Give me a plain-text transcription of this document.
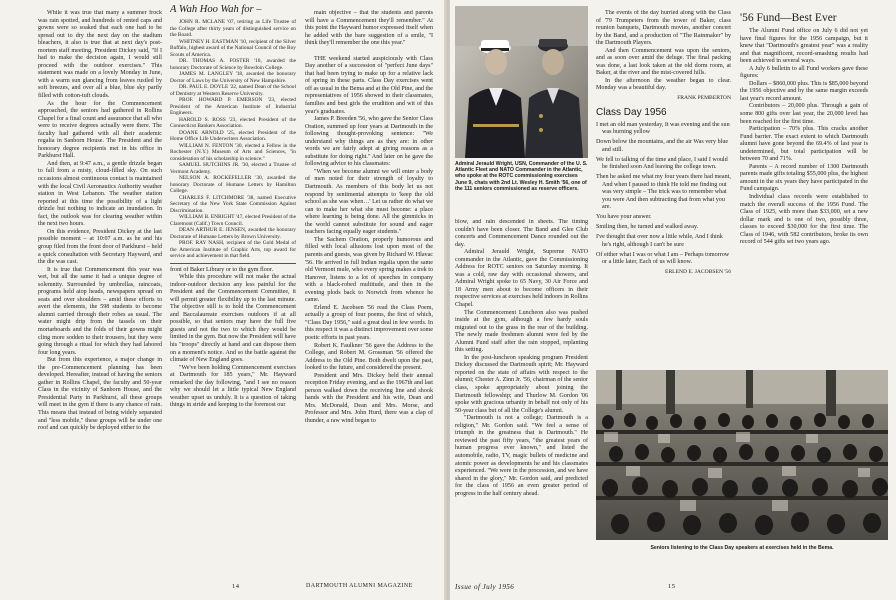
While it was true that many a summer frock was rain spotted, and hundreds of rented caps and gowns were so soaked that each one had to be spread out to dry the next day on the stadium bleachers, it also is true that at next day's post-mortem staff meeting, President Dickey said, "If I had to make the decision again, I would still proceed with the outdoor exercises." This statement was made on a lovely Monday in June, with a warm sun glancing from leaves rustled by soft breezes, and over all a blue, blue sky partly filled with cotton-tuft clouds.

As the hour for the Commencement approached, the seniors had gathered in Rollins Chapel for a final count and assurance that all who were to receive degrees actually were there. The faculty had gathered with all their academic regalia in Sanborn House. The President and the honorary degree recipients met in his office in Parkhurst Hall.

And then, at 9:47 a.m., a gentle drizzle began to fall from a misty, cloud-filled sky. On such occasions almost continuous contact is maintained with the local Civil Aeronautics Authority weather station in West Lebanon. The weather station reported at this time the possibility of a light drizzle but nothing to indicate an inundation. In fact, the outlook was for clearing weather within the next two hours.

On this evidence, President Dickey at the last possible moment – at 10:07 a.m. as he and his group filed from the front door of Parkhurst – held a quick consultation with Secretary Hayward, and the die was cast.

It is true that Commencement this year was wet, but all the same it had a unique degree of solemnity. Surrounded by umbrellas, raincoats, programs held atop heads, newspapers spread on seats and over shoulders – amid these efforts to avert the elements, the 598 students to become alumni carried through their robes as usual. The water might drip from the tassels on their mortarboards and the folds of their gowns might cling more sodden to their trousers, but they were going through a ritual for which they had labored four long years.

But from this experience, a major change in the pre-Commencement planning has been developed. Hereafter, instead of having the seniors gather in Rollins Chapel, the faculty and 50-year Class in the vicinity of Sanborn House, and the Presidential Party in Parkhurst, all these groups will meet in the gym if there is any chance of rain. This means that instead of being widely separated and "less mobile," these groups will be under one roof and can quickly be deployed either to the

A Wah Hoo Wah for –

JOHN R. MCLANE '07, retiring as Life Trustee of the College after thirty years of distinguished service on the Board.

WHITNEY H. EASTMAN '10, recipient of the Silver Buffalo, highest award of the National Council of the Boy Scouts of America.

DR. THOMAS A. FOSTER '10, awarded the honorary Doctorate of Science by Bowdoin College.

JAMES M. LANGLEY '18, awarded the honorary Doctor of Laws by the University of New Hampshire.

DR. PAUL E. DOYLE '22, named Dean of the School of Dentistry at Western Reserve University.

PROF. HOWARD P. EMERSON '23, elected President of the American Institute of Industrial Engineers.

HAROLD S. ROSS '23, elected President of the Connecticut Bankers Association.

DOANE ARNOLD '25, elected President of the Home Office Life Underwriters Association.

WILLIAM N. FENTON '30, elected a Fellow in the Rochester (N.Y.) Museum of Arts and Sciences, "in consideration of his scholarship in science."

SAMUEL HUTCHINS JR. '30, elected a Trustee of Vermont Academy.

NELSON A. ROCKEFELLER '30, awarded the honorary Doctorate of Humane Letters by Hamilton College.

CHARLES F. LITCHMORE '38, named Executive Secretary of the New York State Commission Against Discrimination.

WILLIAM B. ENRIGHT '47, elected President of the Claremont (Calif.) Town Council.

DEAN ARTHUR E. JENSEN, awarded the honorary Doctorate of Humane Letters by Brown University.

PROF. RAY NASH, recipient of the Gold Medal of the American Institute of Graphic Arts, top award for service and achievement in that field.

front of Baker Library or to the gym floor.

While this procedure will not make the actual indoor-outdoor decision any less painful for the President and the Commencement Committee, it will permit greater flexibility up to the last minute. The objective still is to hold the Commencement and Baccalaureate exercises outdoors if at all possible, so that seniors may have the full five guests and not the two to which they would be limited in the gym. But now the President will have his "troops" directly at hand and can dispose them on a moment's notice. And so the battle against the climate of New England goes.

"We've been holding Commencement exercises at Dartmouth for 185 years," Mr. Hayward remarked the day following, "and I see no reason why we should let a little typical New England weather upset us unduly. It is a question of taking things in stride and keeping to the foremost our

main objective – that the students and parents will have a Commencement they'll remember." At this point the Hayward humor expressed itself when he added with the bare suggestion of a smile, "I think they'll remember the one this year."

THE weekend started auspiciously with Class Day another of a succession of "perfect June days" that had been trying to make up for a relative lack of spring in these parts. Class Day exercises went off as usual in the Bema and at the Old Pine, and the representatives of 1956 showed to their classmates, families and best girls the erudition and wit of this year's graduates.

James P. Breeden '56, who gave the Senior Class Oration, summed up four years at Dartmouth in the following thought-provoking sentence: "We understand why things are as they are: in other words we are fairly adept at giving reasons as a substitute for doing right." And later on he gave the following advice to his classmates:

"When we become alumni we will enter a body of men noted for their strength of loyalty to Dartmouth. As members of this body let us not respond by sentimental attempts to 'keep the old school as she was when…' Let us rather do what we can to make her what she must become: a place where learning is being done. All the gimmicks in the world cannot substitute for sound and eager teachers facing equally eager students."

The Sachem Oration, properly humorous and filled with local allusions lost upon most of the parents and guests, was given by Richard W. Hlavac '56. He arrived in full Indian regalia upon the same old Vermont mule, who every spring makes a trek to Hanover, listens to a lot of speeches in company with a black-robed multitude, and then in the evening plods back to Norwich from whence he came.

Erlend E. Jacobsen '56 read the Class Poem, actually a group of four poems, the first of which, "Class Day 1956," said a great deal in few words. In this respect it was a distinct improvement over some poetic efforts in past years.

Robert K. Faulkner '56 gave the Address to the College, and Robert M. Grossman '56 offered the Address to the Old Pine. Both dwelt upon the past, looked to the future, and considered the present.

President and Mrs. Dickey held their annual reception Friday evening, and as the 1967th and last person walked down the receiving line and shook hands with the President and his wife, Dean and Mrs. McDonald, Dean and Mrs. Morse, and Professor and Mrs. John Hurd, there was a clap of thunder, a raw wind began to

14	DARTMOUTH ALUMNI MAGAZINE
Admiral Jerauld Wright, USN, Commander of the U. S. Atlantic Fleet and NATO Commander in the Atlantic, who spoke at the ROTC commissioning exercises June 9, chats with 2nd Lt. Wesley H. Smith '56, one of the 111 seniors commissioned as reserve officers.

blow, and rain descended in sheets. The timing couldn't have been closer. The Band and Glee Club concerts and Commencement Dance rounded out the day.

Admiral Jerauld Wright, Supreme NATO commander in the Atlantic, gave the Commissioning Address for ROTC seniors on Saturday morning. It was a cold, raw day with occasional showers, and Admiral Wright spoke to 65 Navy, 30 Air Force and 18 Army men about to become officers in their respective services at exercises held indoors in Rollins Chapel.

The Commencement Luncheon also was pushed inside at the gym, although a few hardy souls migrated out to the grass in the rear of the building. The newly made freshmen alumni were fed by the Alumni Fund staff after the rain stopped, replanting this setting.

In the post-luncheon speaking program President Dickey discussed the Dartmouth spirit; Mr. Hayward reported on the state of affairs with respect to the alumni; Chester A. Zinn Jr. '56, chairman of the senior class, spoke appropriately about joining the Dartmouth fellowship; and Thurlow M. Gordon '06 spoke with gracious urbanity in behalf not only of his 50-year class but of all the College's alumni.

"Dartmouth is not a college; Dartmouth is a religion," Mr. Gordon said. "We feel a sense of triumph in the greatness that is Dartmouth." He reviewed the past fifty years, "the greatest years of human progress ever known," and listed the automobile, radio, TV, magic bullets of medicine and atomic power as developments he and his classmates experienced. "We were in the procession, and we have shared in the glory," Mr. Gordon said, and predicted for the class of 1956 an even greater period of progress in the half century ahead.

The events of the day hurried along with the Class of '79 Trumpeters from the tower of Baker, class reunion banquets, Dartmouth movies, another concert by the Band, and a production of "The Rainmaker" by the Dartmouth Players.

And then Commencement was upon the seniors, and as soon over amid the deluge. The final packing was done, a last look taken at the old dorm room, at Baker, at the river and the mist-covered hills.

In the afternoon the weather began to clear. Monday was a beautiful day.

FRANK PEMBERTON

Class Day 1956

I met an old man yesterday, It was evening and the sun was burning yellow

Down below the mountains, and the air Was very blue and still.

We fell to talking of the time and place, I said I would be finished soon And leaving the college town.

Then he asked me what my four years there had meant, And when I paused to think He told me finding out was very simple – The trick was to remember what you were And then subtracting that from what you are.

You have your answer.

Smiling then, he turned and walked away.

I've thought that over now a little while, And I think he's right, although I can't be sure

Of either what I was or what I am – Perhaps tomorrow or a little later, Each of us will know.

ERLEND E. JACOBSEN '56

'56 Fund—Best Ever

The Alumni Fund office on July 6 did not yet have final figures for the 1956 campaign, but it knew that "Dartmouth's greatest year" was a reality and that magnificent, record-smashing results had been achieved in several ways.

A July 6 bulletin to all Fund workers gave these figures:

Dollars – $860,000 plus. This is $85,000 beyond the 1956 objective and by the same margin exceeds last year's record amount.

Contributors – 20,000 plus. Through a gain of some 800 gifts over last year, the 20,000 level has been reached for the first time.

Participation – 70% plus. This cracks another Fund barrier. The exact extent to which Dartmouth alumni have gone beyond the 69.4% of last year is undetermined, but total participation will be between 70 and 71%.

Parents – A record number of 1300 Dartmouth parents made gifts totaling $55,000 plus, the highest amount in the six years they have participated in the Fund campaign.

Individual class records were established to match the overall success of the 1956 Fund. The Class of 1925, with more than $33,000, set a new dollar mark and is one of two, possibly three, classes to exceed $30,000 for the first time. The Class of 1946, with 582 contributors, broke its own record of 544 gifts set two years ago.

Seniors listening to the Class Day speakers at exercises held in the Bema.
Issue of July 1956	15
